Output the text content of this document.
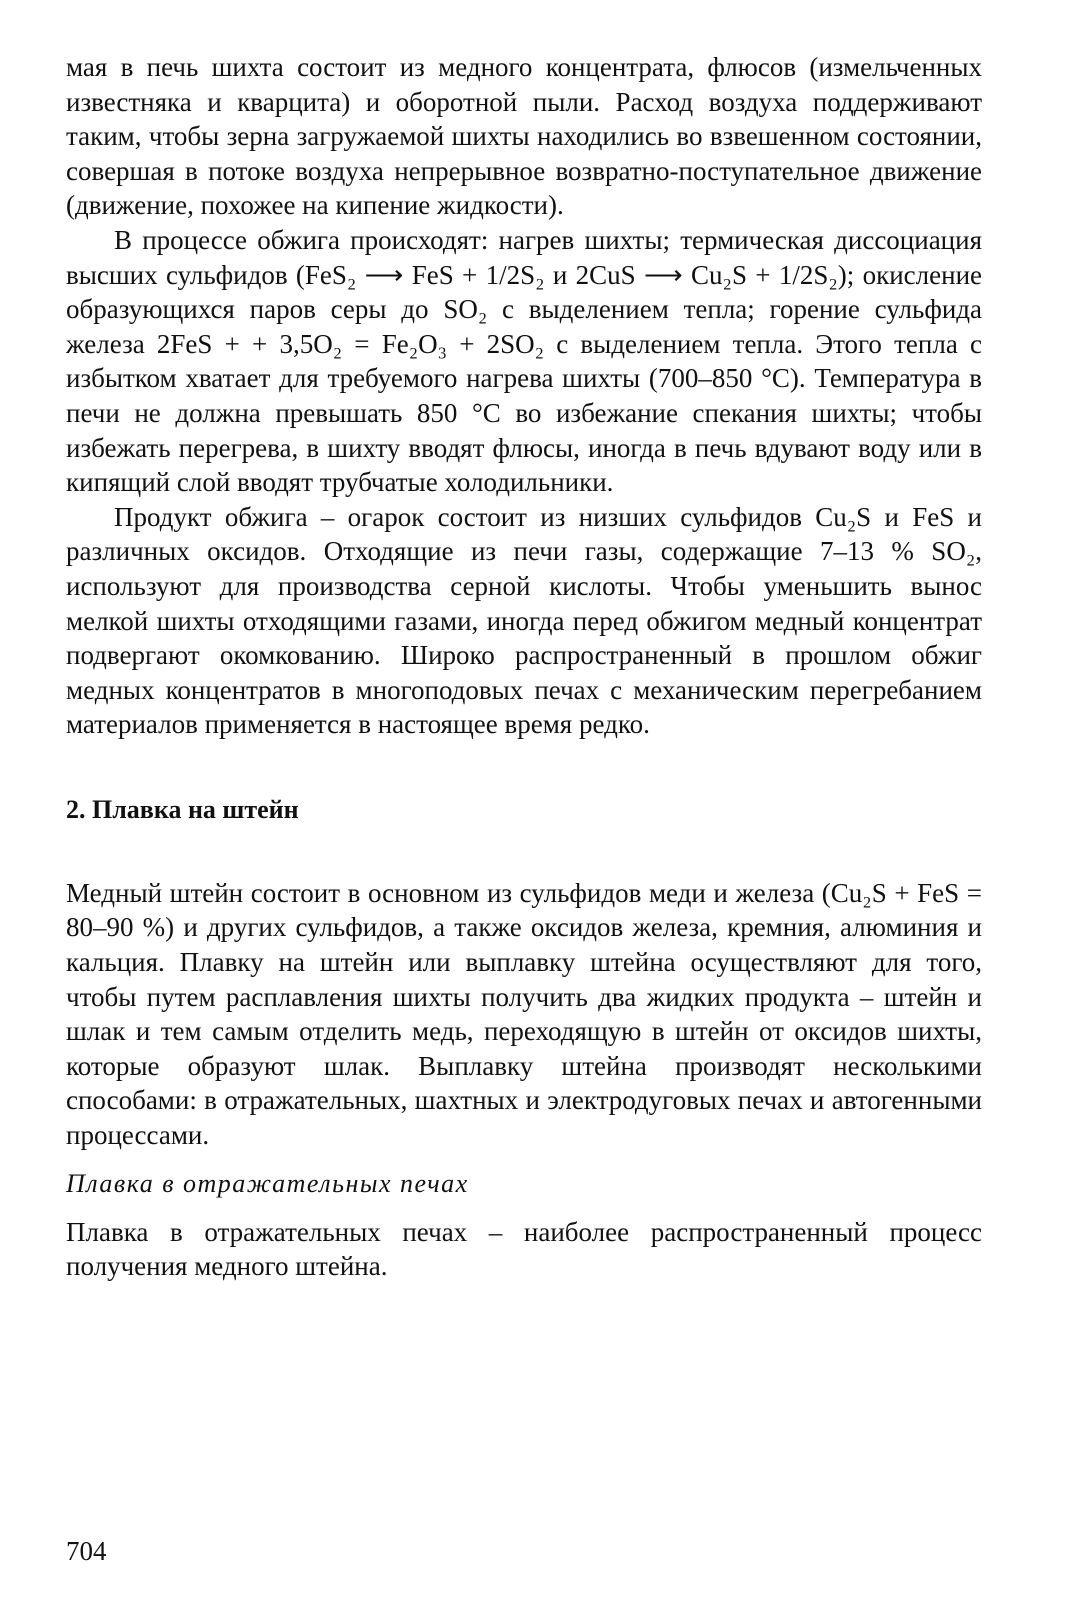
мая в печь шихта состоит из медного концентрата, флюсов (измельченных известняка и кварцита) и оборотной пыли. Расход воздуха поддерживают таким, чтобы зерна загружаемой шихты находились во взвешенном состоянии, совершая в потоке воздуха непрерывное возвратно-поступательное движение (движение, похожее на кипение жидкости).

В процессе обжига происходят: нагрев шихты; термическая диссоциация высших сульфидов (FeS₂ ⟶ FeS + 1/2S₂ и 2CuS ⟶ Cu₂S + 1/2S₂); окисление образующихся паров серы до SO₂ с выделением тепла; горение сульфида железа 2FeS + + 3,5O₂ = Fe₂O₃ + 2SO₂ с выделением тепла. Этого тепла с избытком хватает для требуемого нагрева шихты (700–850 °C). Температура в печи не должна превышать 850 °C во избежание спекания шихты; чтобы избежать перегрева, в шихту вводят флюсы, иногда в печь вдувают воду или в кипящий слой вводят трубчатые холодильники.

Продукт обжига – огарок состоит из низших сульфидов Cu₂S и FeS и различных оксидов. Отходящие из печи газы, содержащие 7–13 % SO₂, используют для производства серной кислоты. Чтобы уменьшить вынос мелкой шихты отходящими газами, иногда перед обжигом медный концентрат подвергают окомкованию. Широко распространенный в прошлом обжиг медных концентратов в многоподовых печах с механическим перегребанием материалов применяется в настоящее время редко.

2. Плавка на штейн

Медный штейн состоит в основном из сульфидов меди и железа (Cu₂S + FeS = 80–90 %) и других сульфидов, а также оксидов железа, кремния, алюминия и кальция. Плавку на штейн или выплавку штейна осуществляют для того, чтобы путем расплавления шихты получить два жидких продукта – штейн и шлак и тем самым отделить медь, переходящую в штейн от оксидов шихты, которые образуют шлак. Выплавку штейна производят несколькими способами: в отражательных, шахтных и электродуговых печах и автогенными процессами.

Плавка в отражательных печах

Плавка в отражательных печах – наиболее распространенный процесс получения медного штейна.

704
